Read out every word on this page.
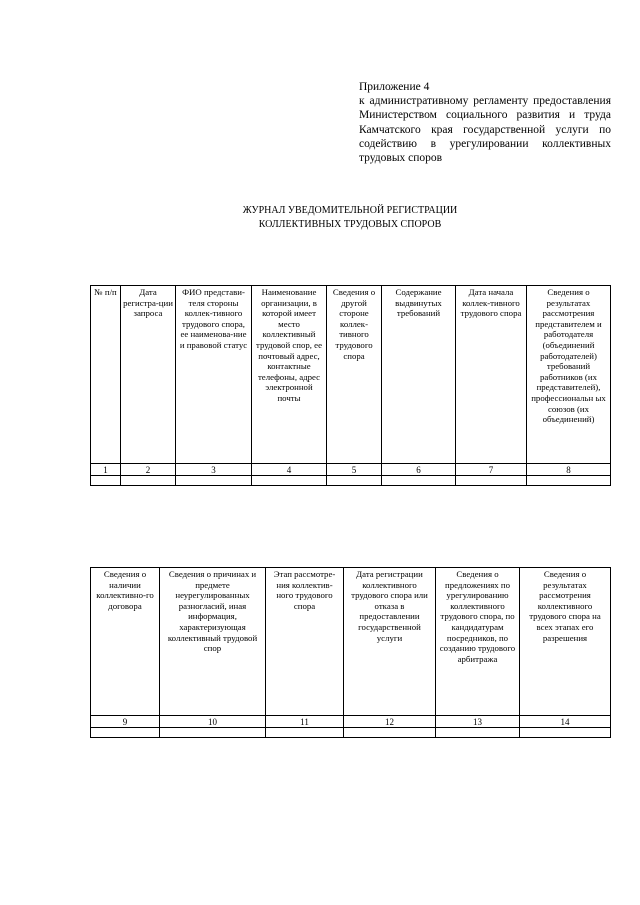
Приложение 4
к административному регламенту предоставления Министерством социального развития и труда Камчатского края государственной услуги по содействию в урегулировании коллективных трудовых споров
ЖУРНАЛ УВЕДОМИТЕЛЬНОЙ РЕГИСТРАЦИИ
КОЛЛЕКТИВНЫХ ТРУДОВЫХ СПОРОВ
№ п/п	Дата регистра-ции запроса	ФИО представи-теля стороны коллек-тивного трудового спора, ее наименова-ние и правовой статус	Наименование организации, в которой имеет место коллективный трудовой спор, ее почтовый адрес, контактные телефоны, адрес электронной почты	Сведения о другой стороне коллек-тивного трудового спора	Содержание выдвинутых требований	Дата начала коллек-тивного трудового спора	Сведения о результатах рассмотрения представителем и работодателя (объединений работодателей) требований работников (их представителей), профессиональн ых союзов (их объединений)
1	2	3	4	5	6	7	8

Сведения о наличии коллективно-го договора	Сведения о причинах и предмете неурегулированных разногласий, иная информация, характеризующая коллективный трудовой спор	Этап рассмотре-ния коллектив-ного трудового спора	Дата регистрации коллективного трудового спора или отказа в предоставлении государственной услуги	Сведения о предложениях по урегулированию коллективного трудового спора, по кандидатурам посредников, по созданию трудового арбитража	Сведения о результатах рассмотрения коллективного трудового спора на всех этапах его разрешения
9	10	11	12	13	14
